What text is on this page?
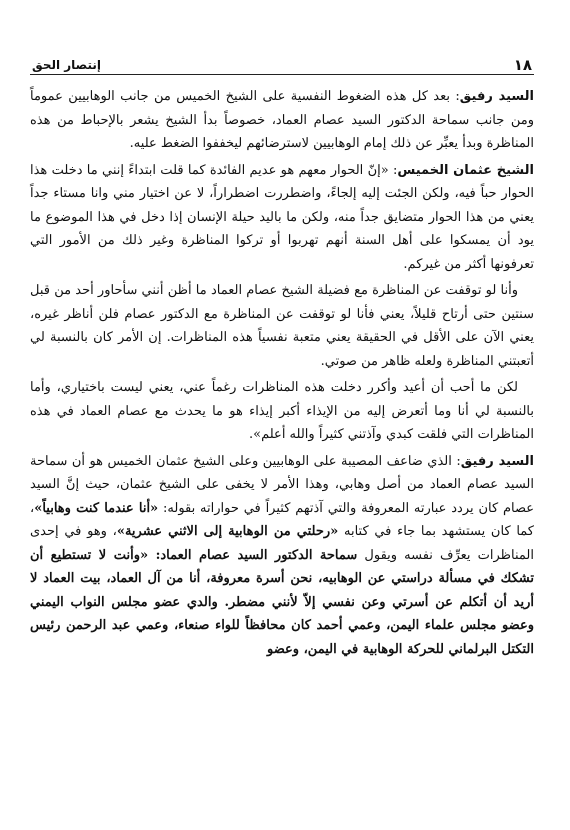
١٨
إنتصار الحق

السيد رفيق: بعد كل هذه الضغوط النفسية على الشيخ الخميس من جانب الوهابيين عموماً ومن جانب سماحة الدكتور السيد عصام العماد، خصوصاً بدأ الشيخ يشعر بالإحباط من هذه المناظرة وبدأ يعبِّر عن ذلك إمام الوهابيين لاسترضائهم ليخففوا الضغط عليه.

الشيخ عثمان الخميس: «إنّ الحوار معهم هو عديم الفائدة كما قلت ابتداءً إنني ما دخلت هذا الحوار حباً فيه، ولكن الجئت إليه إلجاءً، واضطررت اضطراراً، لا عن اختيار مني وانا مستاء جداً يعني من هذا الحوار متضايق جداً منه، ولكن ما باليد حيلة الإنسان إذا دخل في هذا الموضوع ما يود أن يمسكوا على أهل السنة أنهم تهربوا أو تركوا المناظرة وغير ذلك من الأمور التي تعرفونها أكثر من غيركم.

وأنا لو توقفت عن المناظرة مع فضيلة الشيخ عصام العماد ما أظن أنني سأحاور أحد من قبل سنتين حتى أرتاح قليلاً، يعني فأنا لو توقفت عن المناظرة مع الدكتور عصام فلن أناظر غيره، يعني الآن على الأقل في الحقيقة يعني متعبة نفسياً هذه المناظرات. إن الأمر كان بالنسبة لي أتعبتني المناظرة ولعله ظاهر من صوتي.

لكن ما أحب أن أعيد وأكرر دخلت هذه المناظرات رغماً عني، يعني ليست باختياري، وأما بالنسبة لي أنا وما أتعرض إليه من الإيذاء أكبر إيذاء هو ما يحدث مع عصام العماد في هذه المناظرات التي فلقت كبدي وآذتني كثيراً والله أعلم».

السيد رفيق: الذي ضاعف المصيبة على الوهابيين وعلى الشيخ عثمان الخميس هو أن سماحة السيد عصام العماد من أصل وهابي، وهذا الأمر لا يخفى على الشيخ عثمان، حيث إنَّ السيد عصام كان يردد عبارته المعروفة والتي آذتهم كثيراً في حواراته بقوله: «أنا عندما كنت وهابياً»، كما كان يستشهد بما جاء في كتابه «رحلتي من الوهابية إلى الاثني عشرية»، وهو في إحدى المناظرات يعرِّف نفسه ويقول سماحة الدكتور السيد عصام العماد: «وأنت لا تستطيع أن تشكك في مسألة دراستي عن الوهابيه، نحن أسرة معروفة، أنا من آل العماد، بيت العماد لا أريد أن أتكلم عن أسرتي وعن نفسي إلاّ لأنني مضطر. والدي عضو مجلس النواب اليمني وعضو مجلس علماء اليمن، وعمي أحمد كان محافظاً للواء صنعاء، وعمي عبد الرحمن رئيس التكتل البرلماني للحركة الوهابية في اليمن، وعضو
